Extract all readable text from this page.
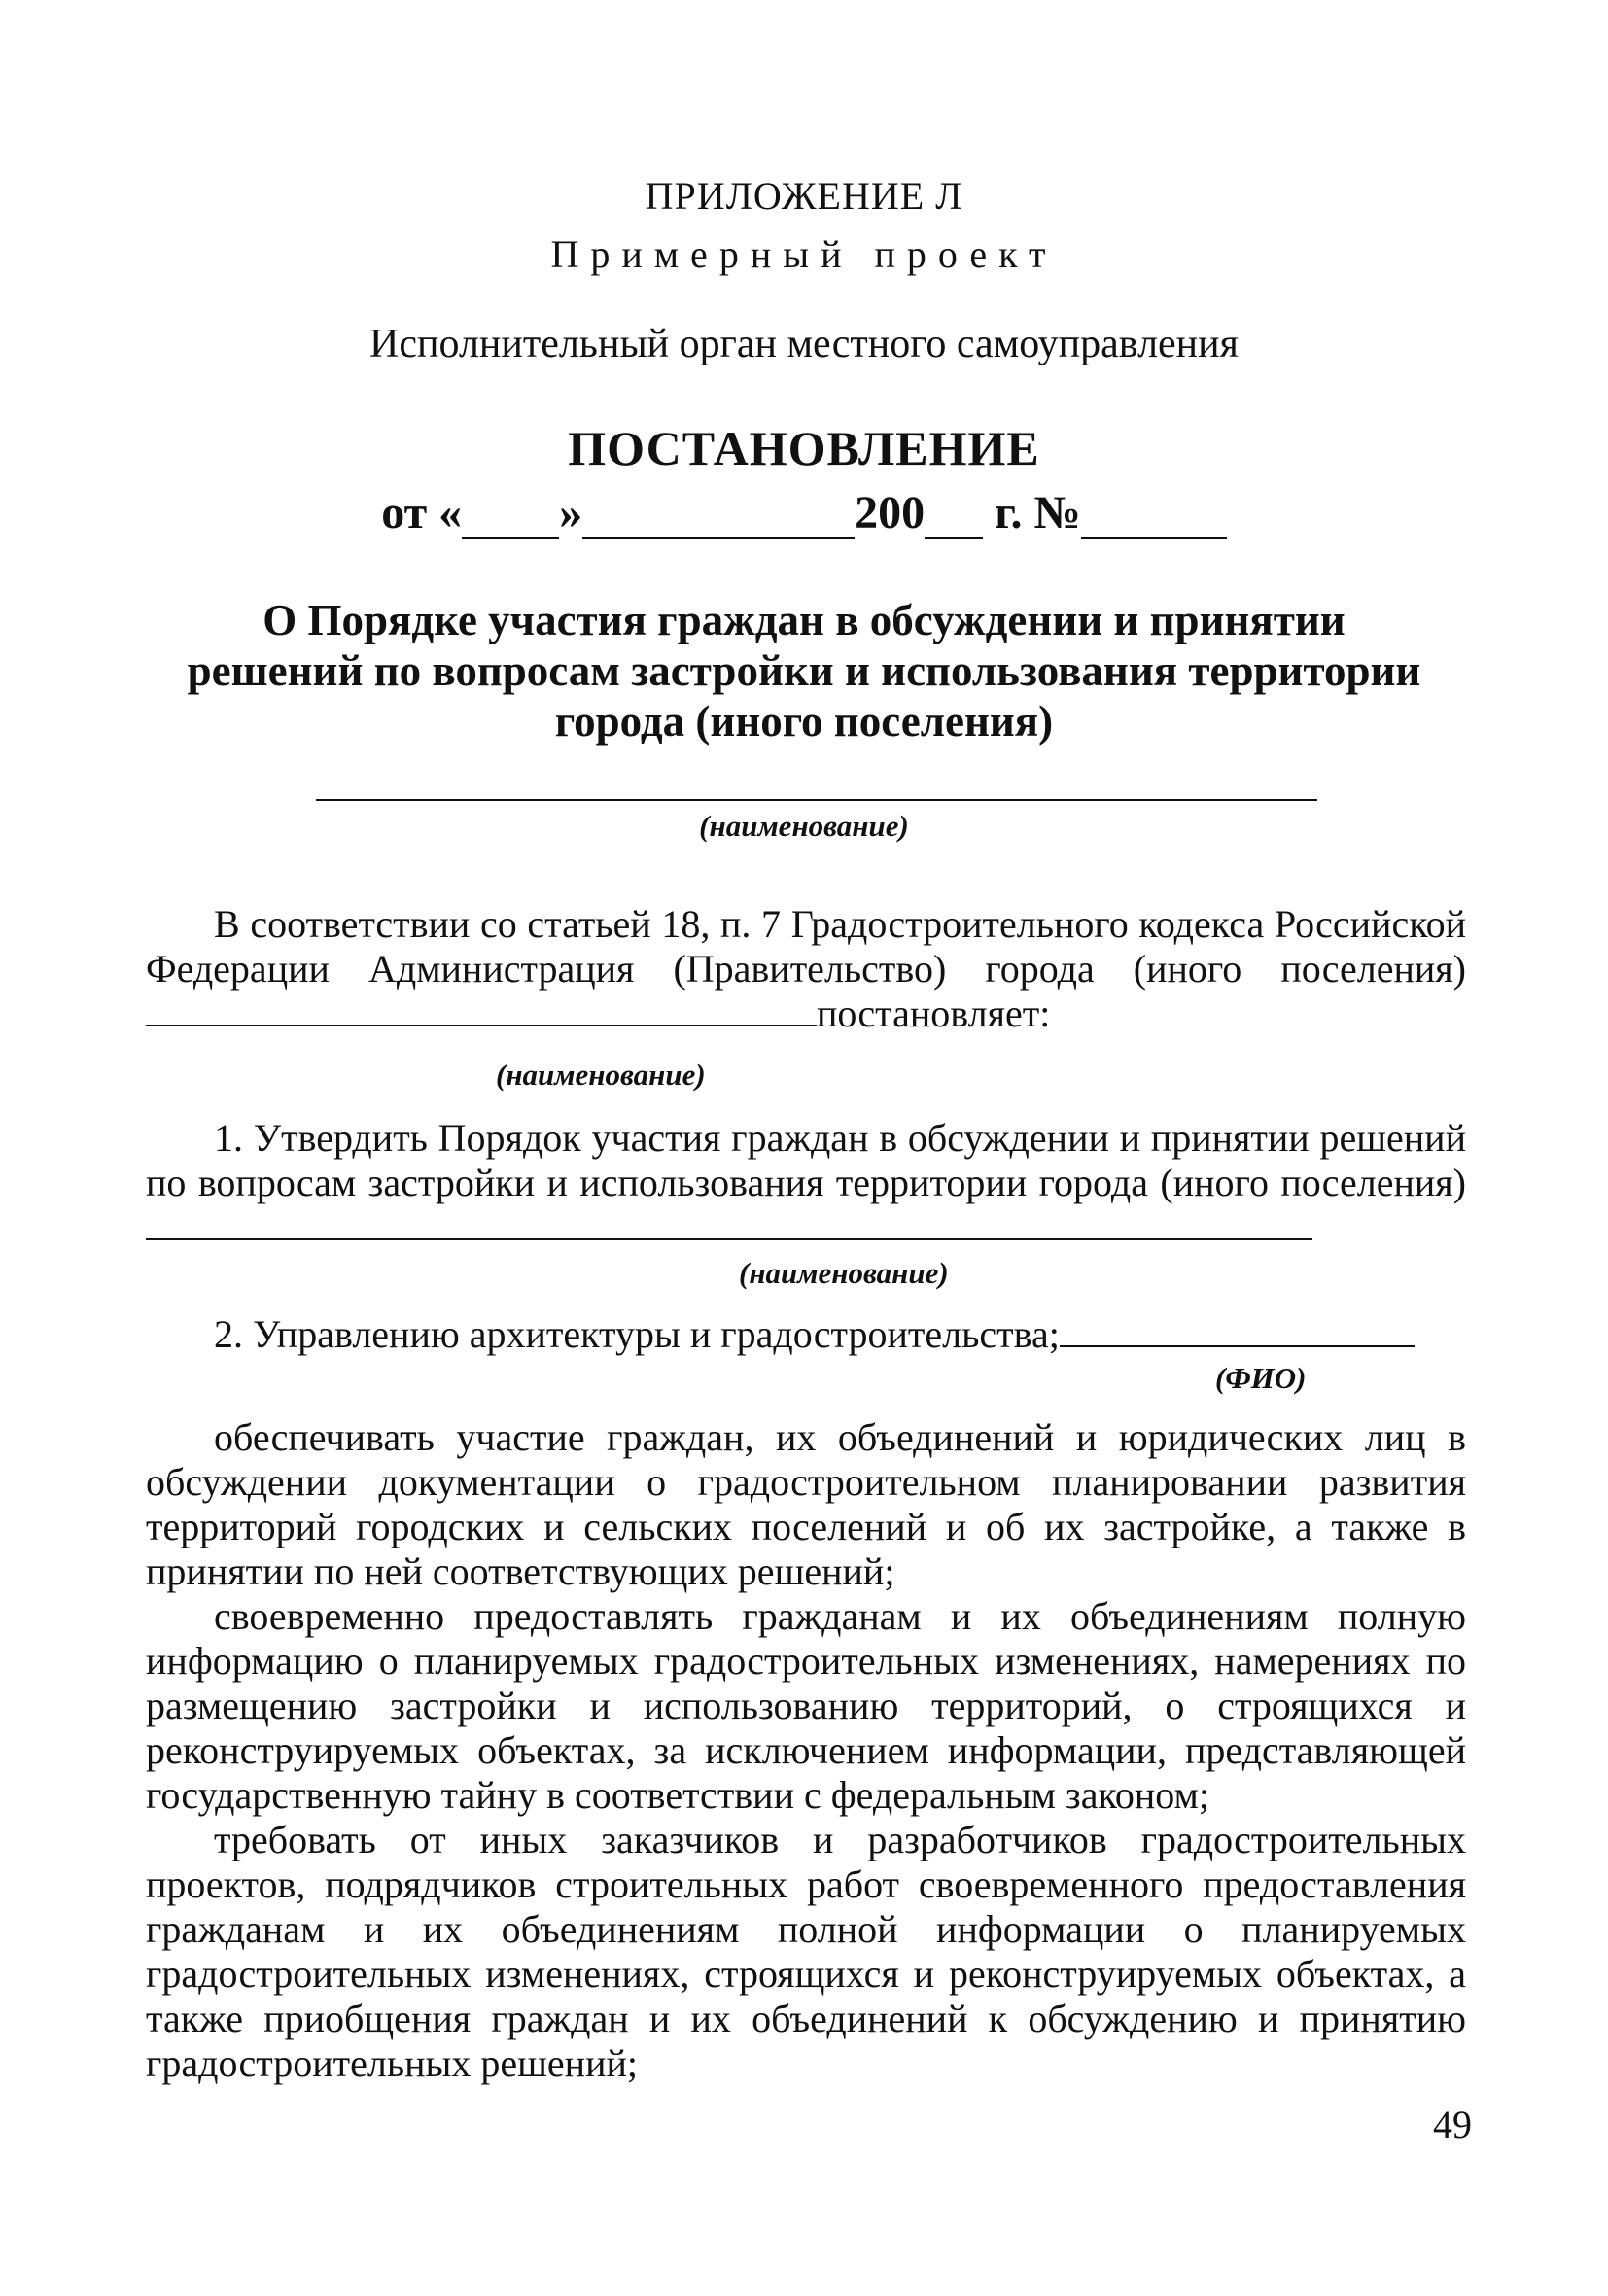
ПРИЛОЖЕНИЕ Л
Примерный проект
Исполнительный орган местного самоуправления
ПОСТАНОВЛЕНИЕ
от « »	200 г. №
О Порядке участия граждан в обсуждении и принятии
решений по вопросам застройки и использования территории
города (иного поселения)
(наименование)
В соответствии со статьей 18, п. 7 Градостроительного кодекса Российской Федерации Администрация (Правительство) города (иного поселения)постановляет:
(наименование)
1. Утвердить Порядок участия граждан в обсуждении и принятии решений по вопросам застройки и использования территории города (иного поселения)
(наименование)
2. Управлению архитектуры и градостроительства;
(ФИО)
обеспечивать участие граждан, их объединений и юридических лиц в обсуждении документации о градостроительном планировании развития территорий городских и сельских поселений и об их застройке, а также в принятии по ней соответствующих решений;
своевременно предоставлять гражданам и их объединениям полную информацию о планируемых градостроительных изменениях, намерениях по размещению застройки и использованию территорий, о строящихся и реконструируемых объектах, за исключением информации, представляющей государственную тайну в соответствии с федеральным законом;
требовать от иных заказчиков и разработчиков градостроительных проектов, подрядчиков строительных работ своевременного предоставления гражданам и их объединениям полной информации о планируемых градостроительных изменениях, строящихся и реконструируемых объектах, а также приобщения граждан и их объединений к обсуждению и принятию градостроительных решений;
49
